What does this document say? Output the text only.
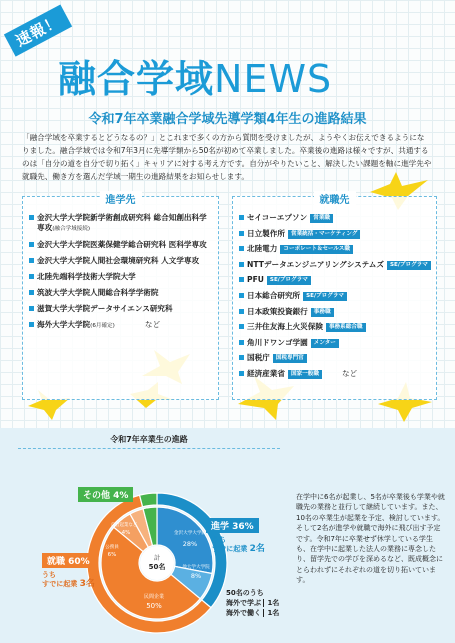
速報！
融合学域NEWS
令和7年卒業融合学域先導学類4年生の進路結果
「融合学域を卒業するとどうなるの？」とこれまで多くの方から質問を受けましたが、ようやくお伝えできるようになりました。融合学域では令和7年3月に先導学類から50名が初めて卒業しました。卒業後の進路は様々ですが、共通するのは「自分の道を自分で切り拓く」キャリアに対する考え方です。自分がやりたいこと、解決したい課題を軸に進学先や就職先、働き方を選んだ学域一期生の進路結果をお知らせします。
進学先
金沢大学大学院新学術創成研究科 総合知創出科学専攻(融合学域接続)
金沢大学大学院医薬保健学総合研究科 医科学専攻
金沢大学大学院人間社会環境研究科 人文学専攻
北陸先端科学技術大学院大学
筑波大学大学院人間総合科学学術院
滋賀大学大学院データサイエンス研究科
海外大学大学院(6月確定)	など
就職先
セイコーエプソン 営業職
日立製作所 営業統括・マーケティング
北陸電力 コーポレート＆セールス職
NTTデータエンジニアリングシステムズ SE/プログラマ
PFU SE/プログラマ
日本総合研究所 SE/プログラマ
日本政策投資銀行 事務職
三井住友海上火災保険 事務系総合職
角川ドワンゴ学園 メンター
国税庁 国税専門官
経済産業省 国家一般職	など
令和7年卒業生の進路
計
50名
金沢大学大学院
28%
他大学大学院
8%
民間企業
50%
公務員
6%
自営起業など
4%
その他 4%
進学 36%
うち
すでに起業 2名
就職 60%
うち
すでに起業 3名
50名のうち
海外で学ぶ 1名
海外で働く 1名
在学中に6名が起業し、5名が卒業後も学業や就職先の業務と並行して継続しています。また、10名の卒業生が起業を予定、検討しています。そして2名が進学や就職で海外に飛び出す予定です。令和7年に卒業せず休学している学生も、在学中に起業した法人の業務に専念したり、留学先での学びを深めるなど、既成概念にとらわれずにそれぞれの道を切り拓いています。
